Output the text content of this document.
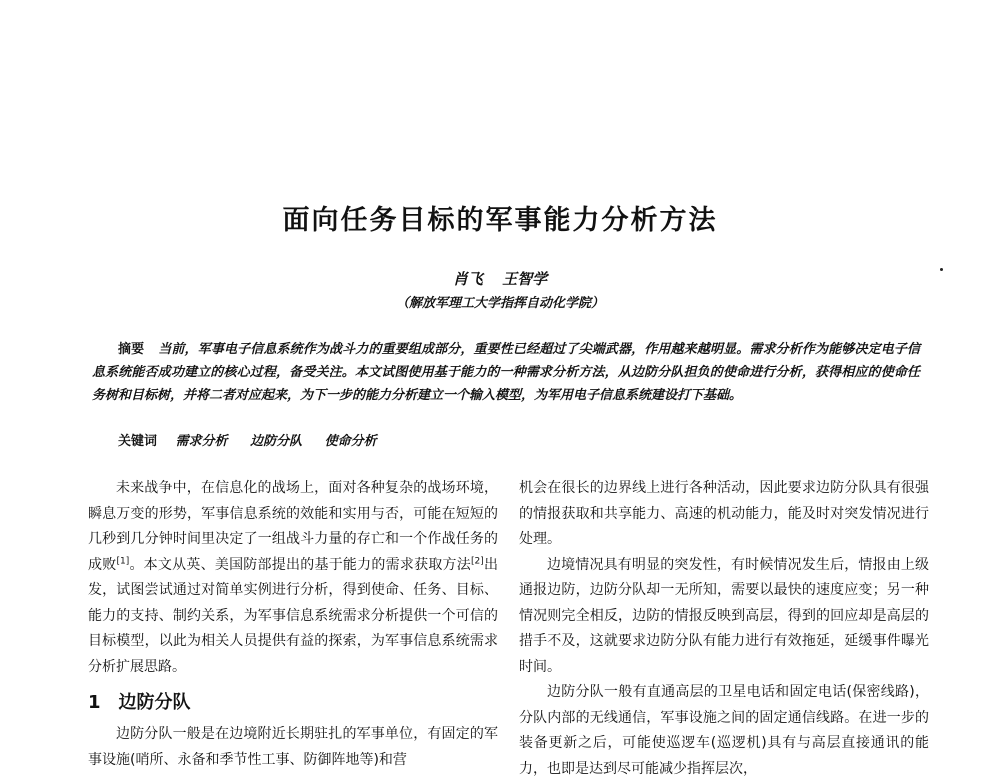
面向任务目标的军事能力分析方法
肖飞 王智学
（解放军理工大学指挥自动化学院）
摘要 当前，军事电子信息系统作为战斗力的重要组成部分，重要性已经超过了尖端武器，作用越来越明显。需求分析作为能够决定电子信息系统能否成功建立的核心过程，备受关注。本文试图使用基于能力的一种需求分析方法，从边防分队担负的使命进行分析，获得相应的使命任务树和目标树，并将二者对应起来，为下一步的能力分析建立一个输入模型，为军用电子信息系统建设打下基础。
关键词 需求分析 边防分队 使命分析

未来战争中，在信息化的战场上，面对各种复杂的战场环境，瞬息万变的形势，军事信息系统的效能和实用与否，可能在短短的几秒到几分钟时间里决定了一组战斗力量的存亡和一个作战任务的成败[1]。本文从英、美国防部提出的基于能力的需求获取方法[2]出发，试图尝试通过对简单实例进行分析，得到使命、任务、目标、能力的支持、制约关系，为军事信息系统需求分析提供一个可信的目标模型，以此为相关人员提供有益的探索，为军事信息系统需求分析扩展思路。

1 边防分队

边防分队一般是在边境附近长期驻扎的军事单位，有固定的军事设施(哨所、永备和季节性工事、防御阵地等)和营

机会在很长的边界线上进行各种活动，因此要求边防分队具有很强的情报获取和共享能力、高速的机动能力，能及时对突发情况进行处理。

边境情况具有明显的突发性，有时候情况发生后，情报由上级通报边防，边防分队却一无所知，需要以最快的速度应变；另一种情况则完全相反，边防的情报反映到高层，得到的回应却是高层的措手不及，这就要求边防分队有能力进行有效拖延，延缓事件曝光时间。

边防分队一般有直通高层的卫星电话和固定电话(保密线路)，分队内部的无线通信，军事设施之间的固定通信线路。在进一步的装备更新之后，可能使巡逻车(巡逻机)具有与高层直接通讯的能力，也即是达到尽可能减少指挥层次，
